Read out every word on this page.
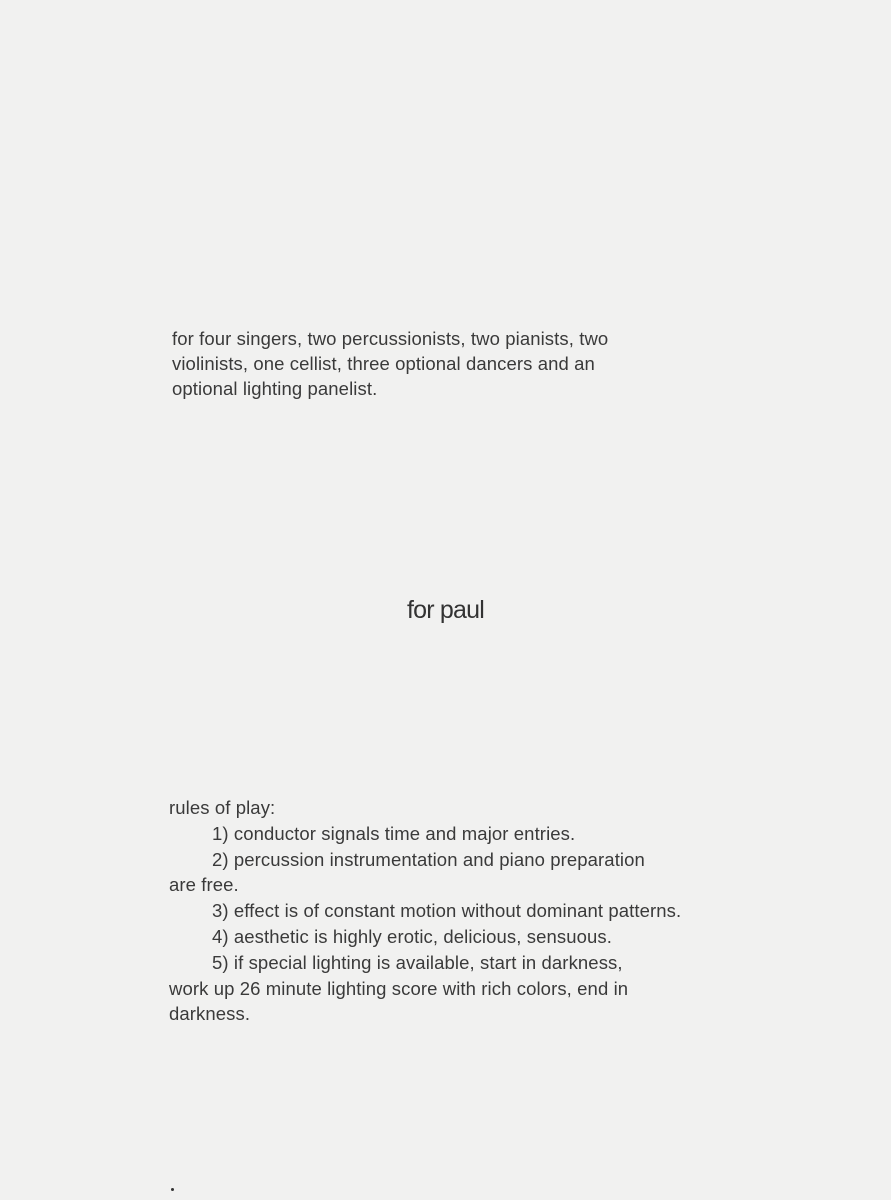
for four singers, two percussionists, two pianists, two
violinists, one cellist, three optional dancers and an
optional lighting panelist.
for paul
rules of play:
1) conductor signals time and major entries.
2) percussion instrumentation and piano preparation
are free.
3) effect is of constant motion without dominant patterns.
4) aesthetic is highly erotic, delicious, sensuous.
5) if special lighting is available, start in darkness,
work up 26 minute lighting score with rich colors, end in
darkness.
